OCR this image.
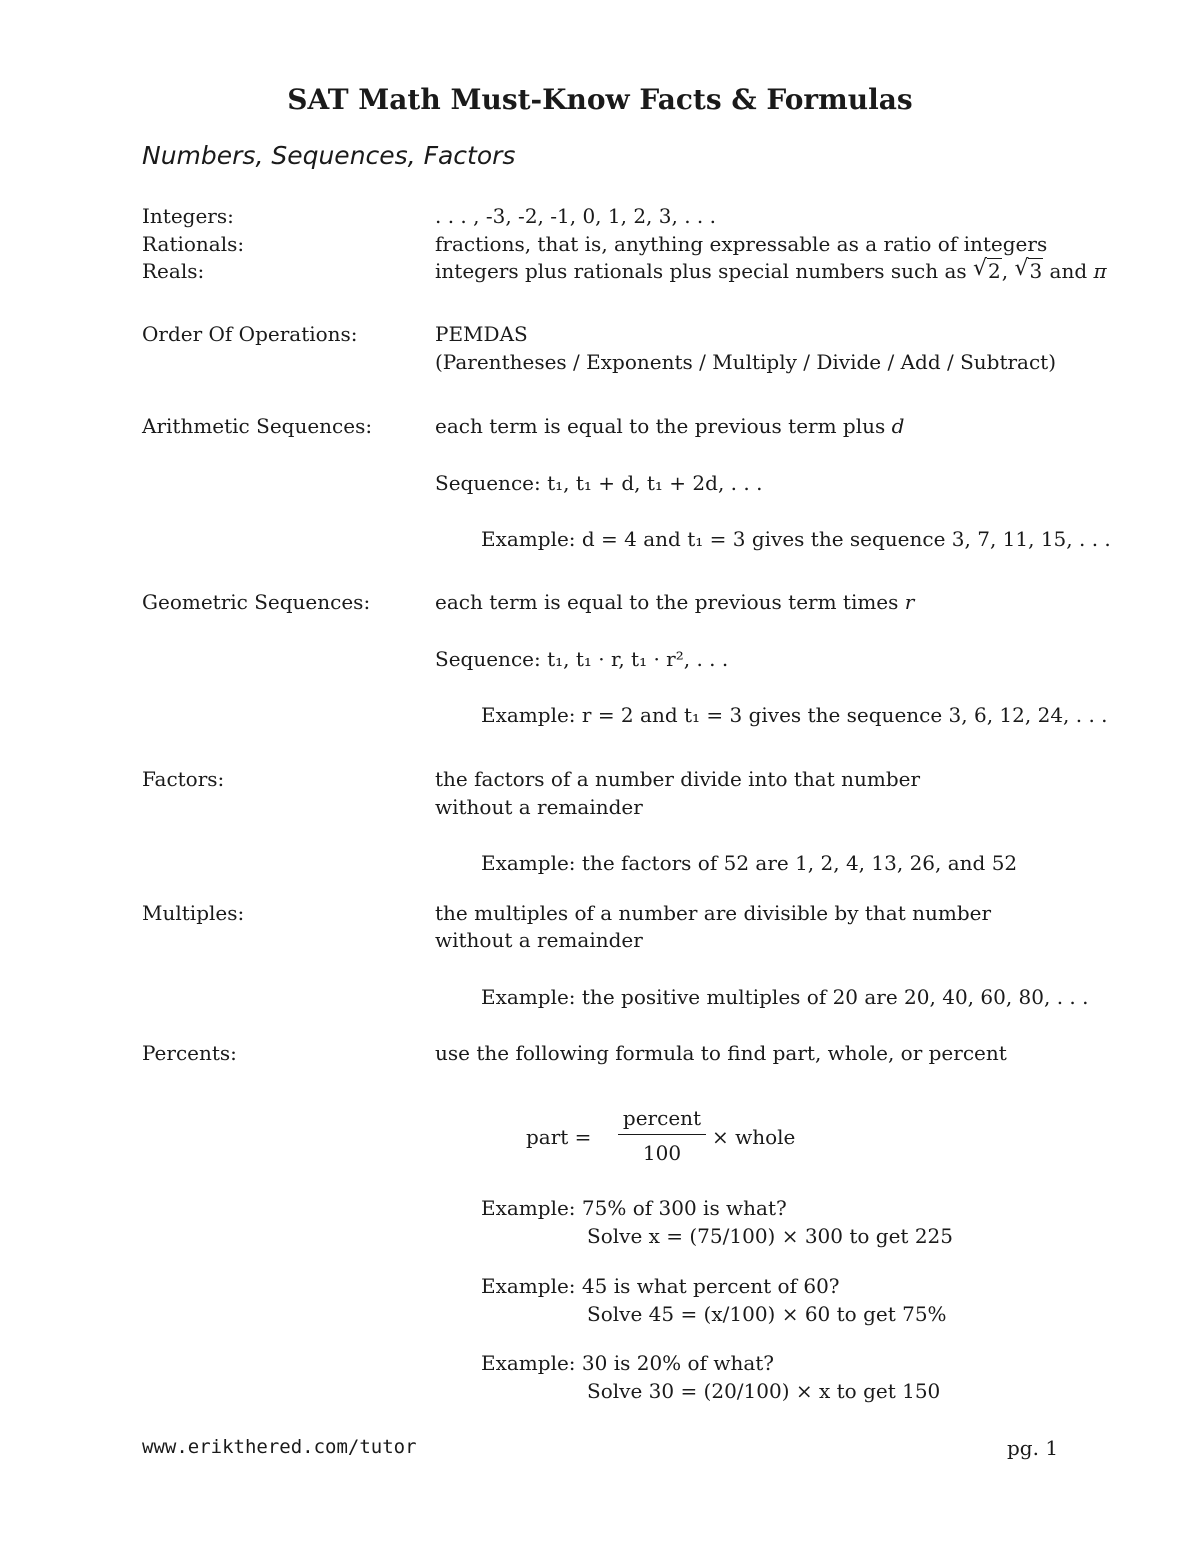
SAT Math Must-Know Facts & Formulas
Numbers, Sequences, Factors
Integers:	. . . , -3, -2, -1, 0, 1, 2, 3, . . .
Rationals:	fractions, that is, anything expressable as a ratio of integers
Reals:	integers plus rationals plus special numbers such as √ 2, √ 3 and π
Order Of Operations:	PEMDAS
(Parentheses / Exponents / Multiply / Divide / Add / Subtract)
Arithmetic Sequences:	each term is equal to the previous term plus d
Sequence: t₁, t₁ + d, t₁ + 2d, . . .
Example: d = 4 and t₁ = 3 gives the sequence 3, 7, 11, 15, . . .
Geometric Sequences:	each term is equal to the previous term times r
Sequence: t₁, t₁ · r, t₁ · r², . . .
Example: r = 2 and t₁ = 3 gives the sequence 3, 6, 12, 24, . . .
Factors:	the factors of a number divide into that number
without a remainder
Example: the factors of 52 are 1, 2, 4, 13, 26, and 52
Multiples:	the multiples of a number are divisible by that number
without a remainder
Example: the positive multiples of 20 are 20, 40, 60, 80, . . .
Percents:	use the following formula to find part, whole, or percent
part =
percent
100
× whole
Example: 75% of 300 is what?
Solve x = (75/100) × 300 to get 225
Example: 45 is what percent of 60?
Solve 45 = (x/100) × 60 to get 75%
Example: 30 is 20% of what?
Solve 30 = (20/100) × x to get 150
www.erikthered.com/tutor	pg. 1
